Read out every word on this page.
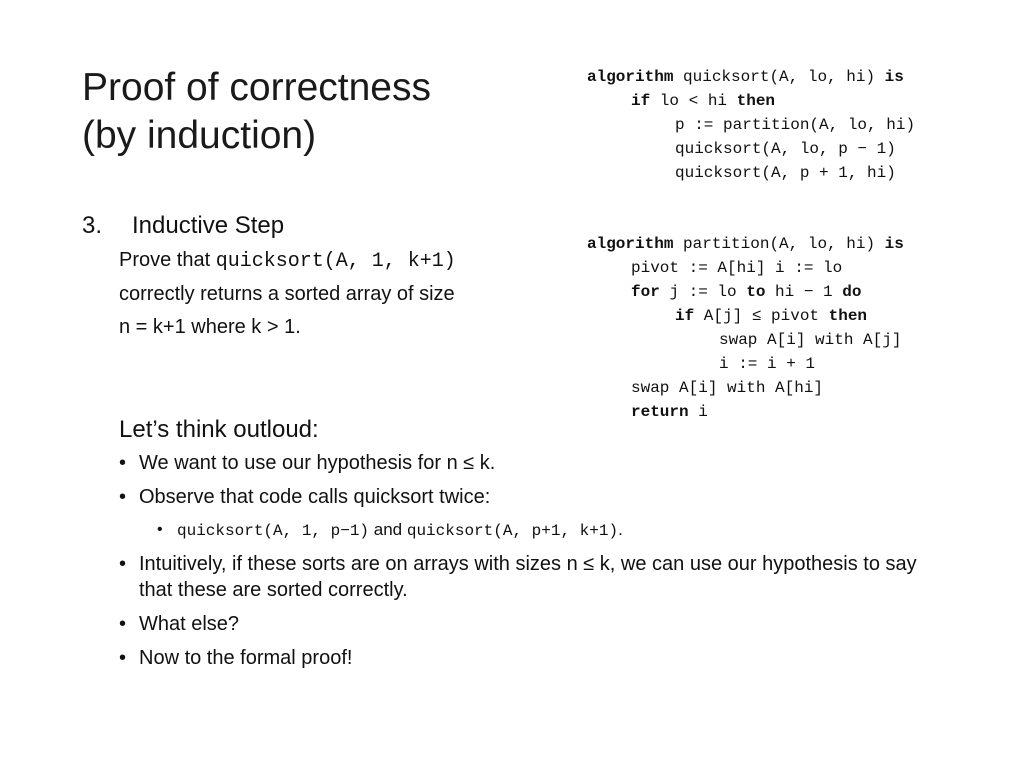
Proof of correctness
(by induction)
algorithm quicksort(A, lo, hi) is
if lo < hi then
p := partition(A, lo, hi)
quicksort(A, lo, p − 1)
quicksort(A, p + 1, hi)
algorithm partition(A, lo, hi) is
pivot := A[hi] i := lo
for j := lo to hi − 1 do
if A[j] ≤ pivot then
swap A[i] with A[j]
i := i + 1
swap A[i] with A[hi]
return i
3. Inductive Step
Prove that quicksort(A, 1, k+1)
correctly returns a sorted array of size
n = k+1 where k > 1.
Let’s think outloud:
• We want to use our hypothesis for n ≤ k.
• Observe that code calls quicksort twice:
• quicksort(A, 1, p−1) and quicksort(A, p+1, k+1).
• Intuitively, if these sorts are on arrays with sizes n ≤ k, we can use our hypothesis to say that these are sorted correctly.
• What else?
• Now to the formal proof!
